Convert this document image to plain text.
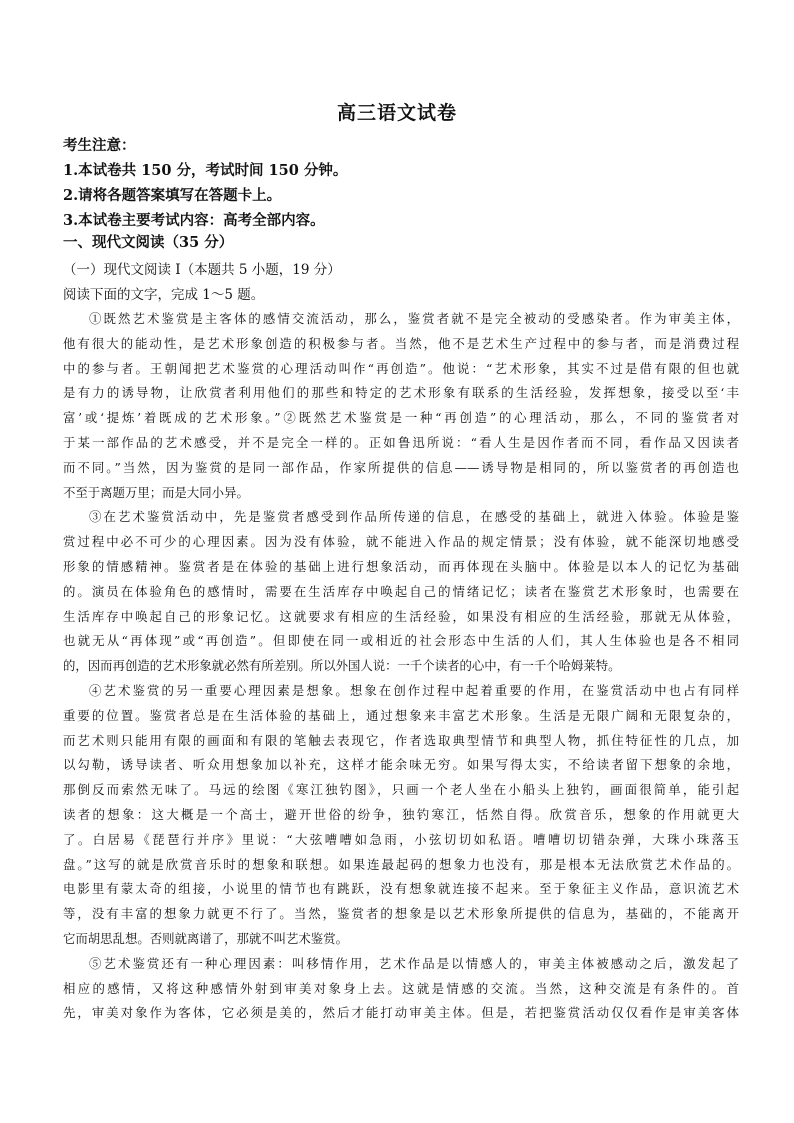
高三语文试卷
考生注意：
1.本试卷共 150 分，考试时间 150 分钟。
2.请将各题答案填写在答题卡上。
3.本试卷主要考试内容：高考全部内容。
一、现代文阅读（35 分）
（一）现代文阅读 I（本题共 5 小题，19 分）
阅读下面的文字，完成 1～5 题。
①既然艺术鉴赏是主客体的感情交流活动，那么，鉴赏者就不是完全被动的受感染者。作为审美主体，
他有很大的能动性，是艺术形象创造的积极参与者。当然，他不是艺术生产过程中的参与者，而是消费过程
中的参与者。王朝闻把艺术鉴赏的心理活动叫作“再创造”。他说：“艺术形象，其实不过是借有限的但也就
是有力的诱导物，让欣赏者利用他们的那些和特定的艺术形象有联系的生活经验，发挥想象，接受以至‘丰
富’或‘提炼’着既成的艺术形象。”②既然艺术鉴赏是一种“再创造”的心理活动，那么，不同的鉴赏者对
于某一部作品的艺术感受，并不是完全一样的。正如鲁迅所说：“看人生是因作者而不同，看作品又因读者
而不同。”当然，因为鉴赏的是同一部作品，作家所提供的信息——诱导物是相同的，所以鉴赏者的再创造也
不至于离题万里；而是大同小异。
③在艺术鉴赏活动中，先是鉴赏者感受到作品所传递的信息，在感受的基础上，就进入体验。体验是鉴
赏过程中必不可少的心理因素。因为没有体验，就不能进入作品的规定情景；没有体验，就不能深切地感受
形象的情感精神。鉴赏者是在体验的基础上进行想象活动，而再体现在头脑中。体验是以本人的记忆为基础
的。演员在体验角色的感情时，需要在生活库存中唤起自己的情绪记忆；读者在鉴赏艺术形象时，也需要在
生活库存中唤起自己的形象记忆。这就要求有相应的生活经验，如果没有相应的生活经验，那就无从体验，
也就无从“再体现”或“再创造”。但即使在同一或相近的社会形态中生活的人们，其人生体验也是各不相同
的，因而再创造的艺术形象就必然有所差别。所以外国人说：一千个读者的心中，有一千个哈姆莱特。
④艺术鉴赏的另一重要心理因素是想象。想象在创作过程中起着重要的作用，在鉴赏活动中也占有同样
重要的位置。鉴赏者总是在生活体验的基础上，通过想象来丰富艺术形象。生活是无限广阔和无限复杂的，
而艺术则只能用有限的画面和有限的笔触去表现它，作者选取典型情节和典型人物，抓住特征性的几点，加
以勾勒，诱导读者、听众用想象加以补充，这样才能余味无穷。如果写得太实，不给读者留下想象的余地，
那倒反而索然无味了。马远的绘图《寒江独钓图》，只画一个老人坐在小船头上独钓，画面很简单，能引起
读者的想象：这大概是一个高士，避开世俗的纷争，独钓寒江，恬然自得。欣赏音乐，想象的作用就更大
了。白居易《琵琶行并序》里说：“大弦嘈嘈如急雨，小弦切切如私语。嘈嘈切切错杂弹，大珠小珠落玉
盘。”这写的就是欣赏音乐时的想象和联想。如果连最起码的想象力也没有，那是根本无法欣赏艺术作品的。
电影里有蒙太奇的组接，小说里的情节也有跳跃，没有想象就连接不起来。至于象征主义作品，意识流艺术
等，没有丰富的想象力就更不行了。当然，鉴赏者的想象是以艺术形象所提供的信息为，基础的，不能离开
它而胡思乱想。否则就离谱了，那就不叫艺术鉴赏。
⑤艺术鉴赏还有一种心理因素：叫移情作用，艺术作品是以情感人的，审美主体被感动之后，激发起了
相应的感情，又将这种感情外射到审美对象身上去。这就是情感的交流。当然，这种交流是有条件的。首
先，审美对象作为客体，它必须是美的，然后才能打动审美主体。但是，若把鉴赏活动仅仅看作是审美客体
